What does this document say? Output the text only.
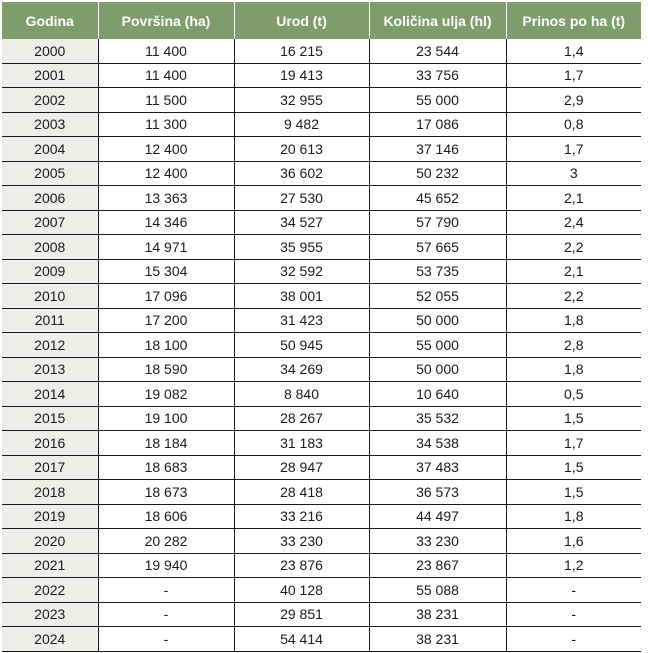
Godina	Površina (ha)	Urod (t)	Količina ulja (hl)	Prinos po ha (t)
2000	11 400	16 215	23 544	1,4
2001	11 400	19 413	33 756	1,7
2002	11 500	32 955	55 000	2,9
2003	11 300	9 482	17 086	0,8
2004	12 400	20 613	37 146	1,7
2005	12 400	36 602	50 232	3
2006	13 363	27 530	45 652	2,1
2007	14 346	34 527	57 790	2,4
2008	14 971	35 955	57 665	2,2
2009	15 304	32 592	53 735	2,1
2010	17 096	38 001	52 055	2,2
2011	17 200	31 423	50 000	1,8
2012	18 100	50 945	55 000	2,8
2013	18 590	34 269	50 000	1,8
2014	19 082	8 840	10 640	0,5
2015	19 100	28 267	35 532	1,5
2016	18 184	31 183	34 538	1,7
2017	18 683	28 947	37 483	1,5
2018	18 673	28 418	36 573	1,5
2019	18 606	33 216	44 497	1,8
2020	20 282	33 230	33 230	1,6
2021	19 940	23 876	23 867	1,2
2022	-	40 128	55 088	-
2023	-	29 851	38 231	-
2024	-	54 414	38 231	-
